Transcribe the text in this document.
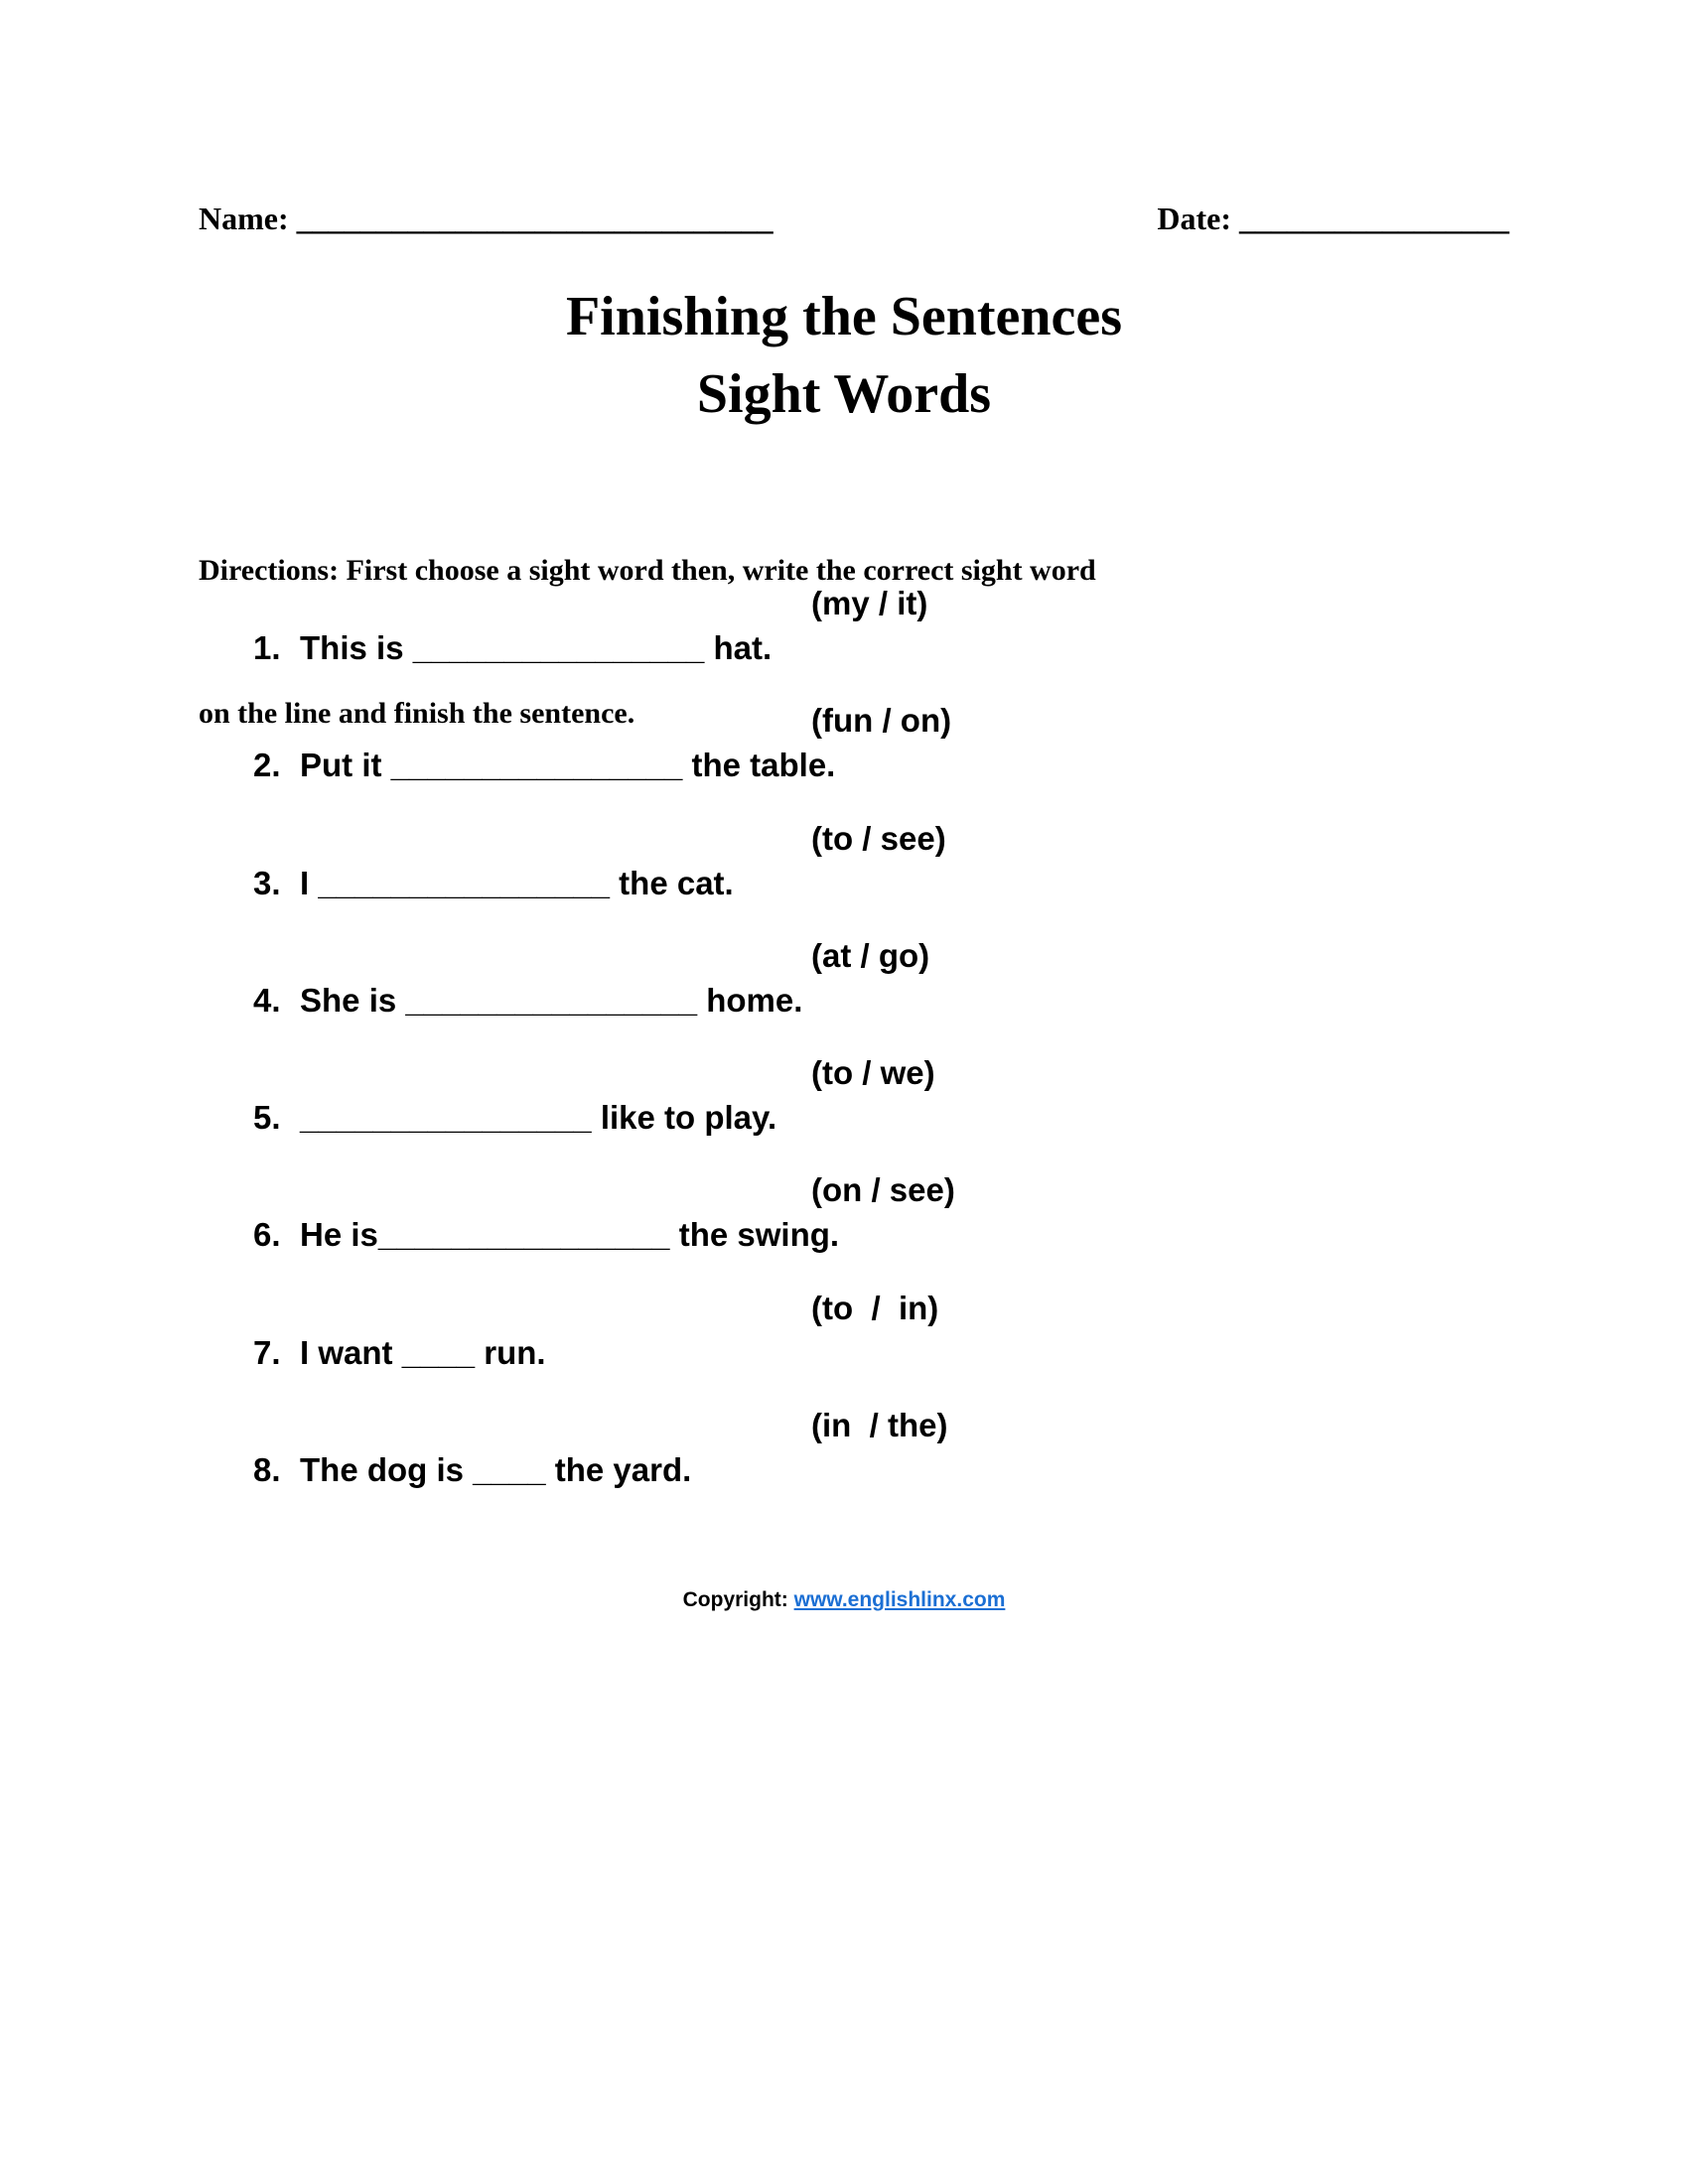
Name: ______________________________	Date: _________________
Finishing the Sentences
Sight Words

Directions: First choose a sight word then, write the correct sight word

on the line and finish the sentence.

1. This is ________________ hat.

(my / it)

2. Put it ________________ the table.

(fun / on)

3. I ________________ the cat.

(to / see)

4. She is ________________ home.

(at / go)

5. ________________ like to play.

(to / we)

6. He is________________ the swing.

(on / see)

7. I want ____ run.

(to  /  in)

8. The dog is ____ the yard.

(in  / the)

Copyright: www.englishlinx.com
